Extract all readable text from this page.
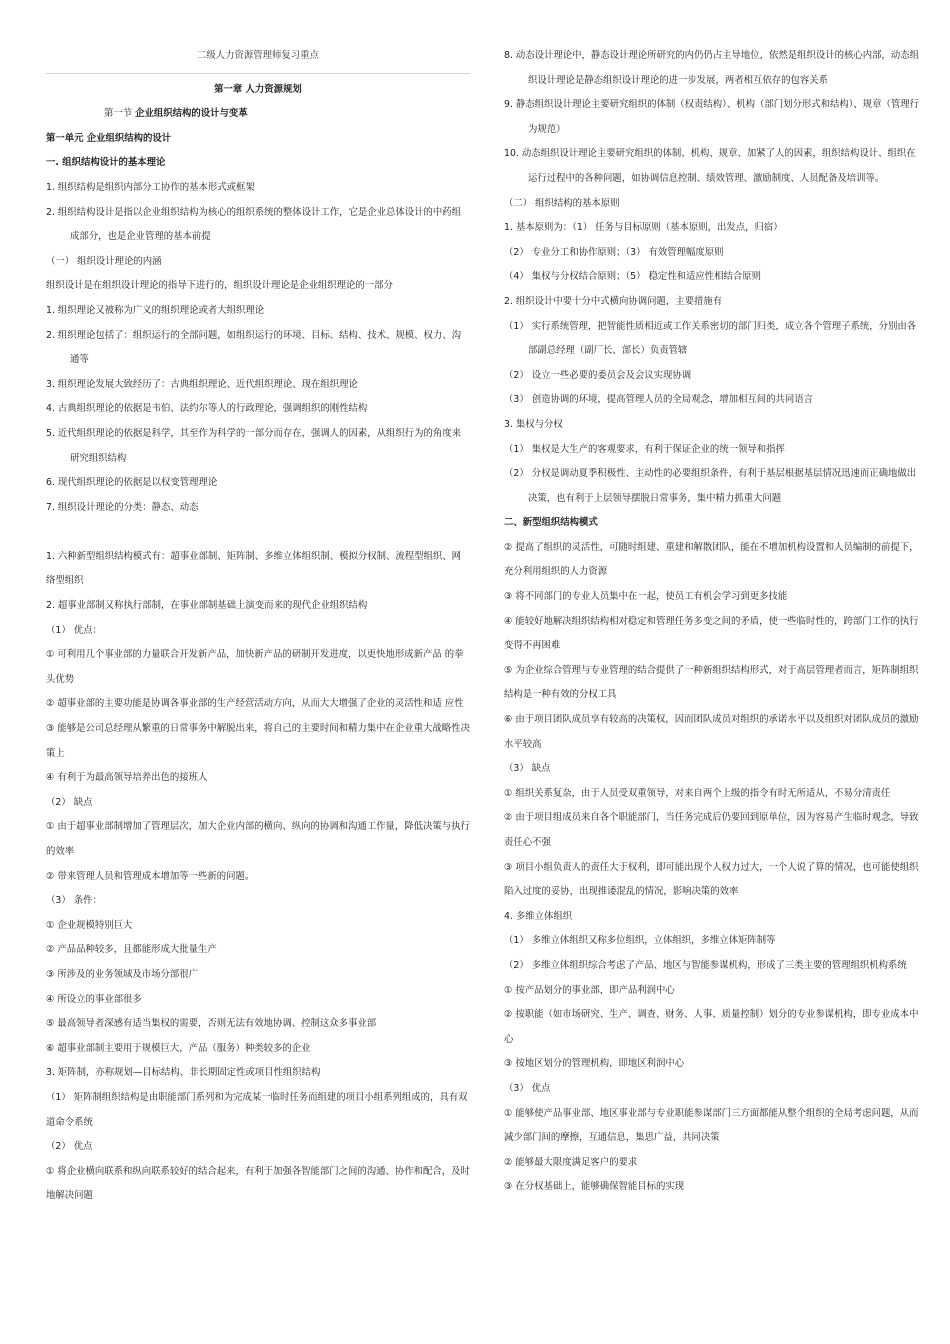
二级人力资源管理师复习重点
第一章 人力资源规划
第一节 企业组织结构的设计与变革
第一单元 企业组织结构的设计
一. 组织结构设计的基本理论
1. 组织结构是组织内部分工协作的基本形式或框架
2. 组织结构设计是指以企业组织结构为核心的组织系统的整体设计工作，它是企业总体设计的中药组成部分，也是企业管理的基本前提
（一） 组织设计理论的内涵
组织设计是在组织设计理论的指导下进行的，组织设计理论是企业组织理论的一部分
1. 组织理论又被称为广义的组织理论或者大组织理论
2. 组织理论包括了：组织运行的全部问题，如组织运行的环境、目标、结构、技术、规模、权力、沟通等
3. 组织理论发展大致经历了：古典组织理论、近代组织理论、现在组织理论
4. 古典组织理论的依据是韦伯、法约尔等人的行政理论，强调组织的刚性结构
5. 近代组织理论的依据是科学，其至作为科学的一部分而存在，强调人的因素，从组织行为的角度来研究组织结构
6. 现代组织理论的依据是以权变管理理论
7. 组织设计理论的分类：静态、动态
1. 六种新型组织结构模式有：超事业部制、矩阵制、多维立体组织制、模拟分权制、流程型组织、网络型组织
2. 超事业部制又称执行部制，在事业部制基础上演变而来的现代企业组织结构
（1） 优点：
① 可利用几个事业部的力量联合开发新产品，加快新产品的研制开发进度，以更快地形成新产品 的拳头优势
② 超事业部的主要功能是协调各事业部的生产经营活动方向，从而大大增强了企业的灵活性和适 应性
③ 能够是公司总经理从繁重的日常事务中解脱出来，将自己的主要时间和精力集中在企业重大战略性决策上
④ 有利于为最高领导培养出色的接班人
（2） 缺点
① 由于超事业部制增加了管理层次，加大企业内部的横向、纵向的协调和沟通工作量，降低决策与执行的效率
② 带来管理人员和管理成本增加等一些新的问题。
（3） 条件：
① 企业规模特别巨大
② 产品品种较多，且都能形成大批量生产
③ 所涉及的业务领域及市场分部很广
④ 所设立的事业部很多
⑤ 最高领导者深感有适当集权的需要，否则无法有效地协调、控制这众多事业部
⑥ 超事业部制主要用于规模巨大，产品（服务）种类较多的企业
3. 矩阵制，亦称规划—目标结构、非长期固定性或项目性组织结构
（1） 矩阵制组织结构是由职能部门系列和为完成某一临时任务而组建的项目小组系列组成的，具有双道命令系统
（2） 优点
① 将企业横向联系和纵向联系较好的结合起来，有利于加强各智能部门之间的沟通、协作和配合，及时地解决问题
8. 动态设计理论中，静态设计理论所研究的内仍仍占主导地位，依然是组织设计的核心内部，动态组织设计理论是静态组织设计理论的进一步发展，两者相互依存的包容关系
9. 静态组织设计理论主要研究组织的体制（权责结构）、机构（部门划分形式和结构）、规章（管理行为规范）
10. 动态组织设计理论主要研究组织的体制、机构、规章、加紧了人的因素，组织结构设计、组织在运行过程中的各种问题，如协调信息控制、绩效管理、激励制度、人员配备及培训等。
（二） 组织结构的基本原则
1. 基本原则为：（1） 任务与目标原则（基本原则，出发点，归宿）
（2） 专业分工和协作原则；（3） 有效管理幅度原则
（4） 集权与分权结合原则；（5） 稳定性和适应性相结合原则
2. 组织设计中要十分中式横向协调问题，主要措施有
（1） 实行系统管理，把智能性质相近或工作关系密切的部门归类，成立各个管理子系统，分别由各部副总经理（副厂长、部长）负责管辖
（2） 设立一些必要的委员会及会议实现协调
（3） 创造协调的环境，提高管理人员的全局观念，增加相互间的共同语言
3. 集权与分权
（1） 集权是大生产的客观要求，有利于保证企业的统一领导和指挥
（2） 分权是调动夏季积极性、主动性的必要组织条件，有利于基层根据基层情况迅速而正确地做出决策，也有利于上层领导摆脱日常事务，集中精力抓重大问题
二、新型组织结构模式
② 提高了组织的灵活性，可随时组建、重建和解散团队，能在不增加机构设置和人员编制的前提下，充分利用组织的人力资源
③ 将不同部门的专业人员集中在一起，使员工有机会学习到更多技能
④ 能较好地解决组织结构相对稳定和管理任务多变之间的矛盾，使一些临时性的，跨部门工作的执行变得不再困难
⑤ 为企业综合管理与专业管理的结合提供了一种新组织结构形式，对于高层管理者而言，矩阵制组织结构是一种有效的分权工具
⑥ 由于项目团队成员享有较高的决策权，因而团队成员对组织的承诺水平以及组织对团队成员的激励水平较高
（3） 缺点
① 组织关系复杂，由于人员受双重领导，对来自两个上级的指令有时无所适从，不易分清责任
② 由于项目组成员来自各个职能部门，当任务完成后仍要回到原单位，因为容易产生临时观念，导致责任心不强
③ 项目小组负责人的责任大于权利，即可能出现个人权力过大，一个人说了算的情况，也可能使组织陷入过度的妥协，出现推诿混乱的情况，影响决策的效率
4. 多维立体组织
（1） 多维立体组织又称多位组织，立体组织，多维立体矩阵制等
（2） 多维立体组织综合考虑了产品、地区与智能参谋机构，形成了三类主要的管理组织机构系统
① 按产品划分的事业部，即产品利润中心
② 按职能（如市场研究、生产、调查、财务、人事、质量控制）划分的专业参谋机构，即专业成本中心
③ 按地区划分的管理机构，即地区利润中心
（3） 优点
① 能够使产品事业部、地区事业部与专业职能参谋部门三方面都能从整个组织的全局考虑问题，从而减少部门间的摩擦，互通信息，集思广益，共同决策
② 能够最大限度满足客户的要求
③ 在分权基础上，能够确保智能目标的实现
